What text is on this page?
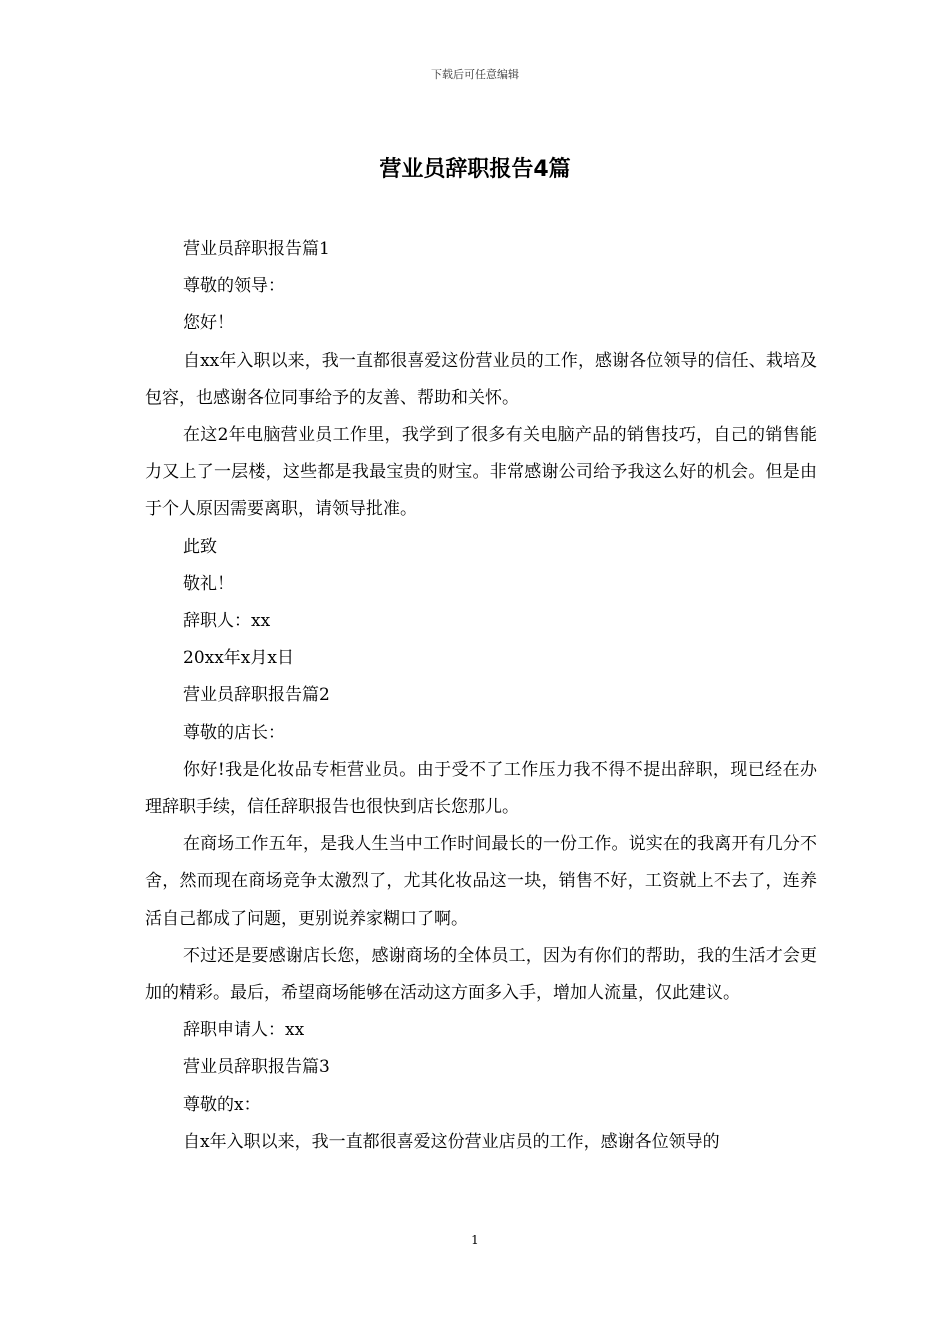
下载后可任意编辑
营业员辞职报告4篇

营业员辞职报告篇1

尊敬的领导：

您好！

自xx年入职以来，我一直都很喜爱这份营业员的工作，感谢各位领导的信任、栽培及包容，也感谢各位同事给予的友善、帮助和关怀。

在这2年电脑营业员工作里，我学到了很多有关电脑产品的销售技巧，自己的销售能力又上了一层楼，这些都是我最宝贵的财宝。非常感谢公司给予我这么好的机会。但是由于个人原因需要离职，请领导批准。

此致

敬礼！

辞职人：xx

20xx年x月x日

营业员辞职报告篇2

尊敬的店长：

你好!我是化妆品专柜营业员。由于受不了工作压力我不得不提出辞职，现已经在办理辞职手续，信任辞职报告也很快到店长您那儿。

在商场工作五年，是我人生当中工作时间最长的一份工作。说实在的我离开有几分不舍，然而现在商场竞争太激烈了，尤其化妆品这一块，销售不好，工资就上不去了，连养活自己都成了问题，更别说养家糊口了啊。

不过还是要感谢店长您，感谢商场的全体员工，因为有你们的帮助，我的生活才会更加的精彩。最后，希望商场能够在活动这方面多入手，增加人流量，仅此建议。

辞职申请人：xx

营业员辞职报告篇3

尊敬的x：

自x年入职以来，我一直都很喜爱这份营业店员的工作，感谢各位领导的

1
